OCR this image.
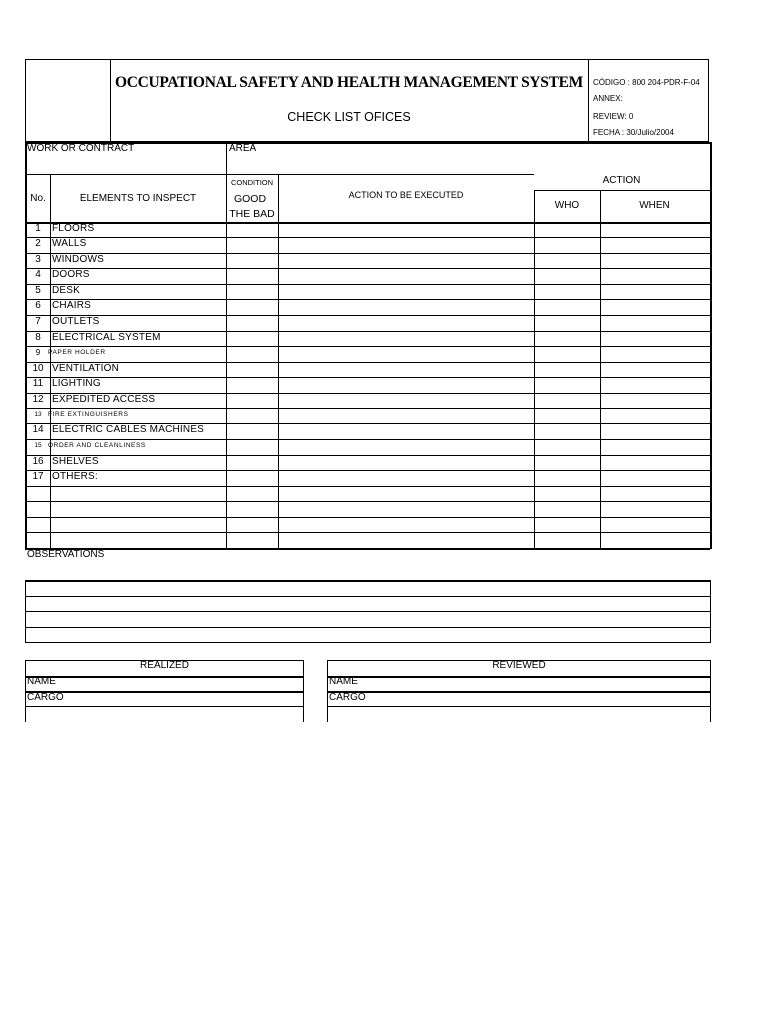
OCCUPATIONAL SAFETY AND HEALTH MANAGEMENT SYSTEM
CHECK LIST OFICES
CÓDIGO : 800 204-PDR-F-04
ANNEX:
REVIEW: 0
FECHA : 30/Julio/2004
WORK OR CONTRACT	AREA
No.	ELEMENTS TO INSPECT
CONDITION
GOOD
THE BAD
ACTION TO BE EXECUTED
ACTION
WHO	WHEN
1	FLOORS
2	WALLS
3	WINDOWS
4	DOORS
5	DESK
6	CHAIRS
7	OUTLETS
8	ELECTRICAL SYSTEM
9	PAPER HOLDER
10 VENTILATION
11 LIGHTING
12 EXPEDITED ACCESS
13 FIRE EXTINGUISHERS
14 ELECTRIC CABLES MACHINES
15 ORDER AND CLEANLINESS
16 SHELVES
17 OTHERS:
OBSERVATIONS
REALIZED
NAME
CARGO
REVIEWED
NAME
CARGO
